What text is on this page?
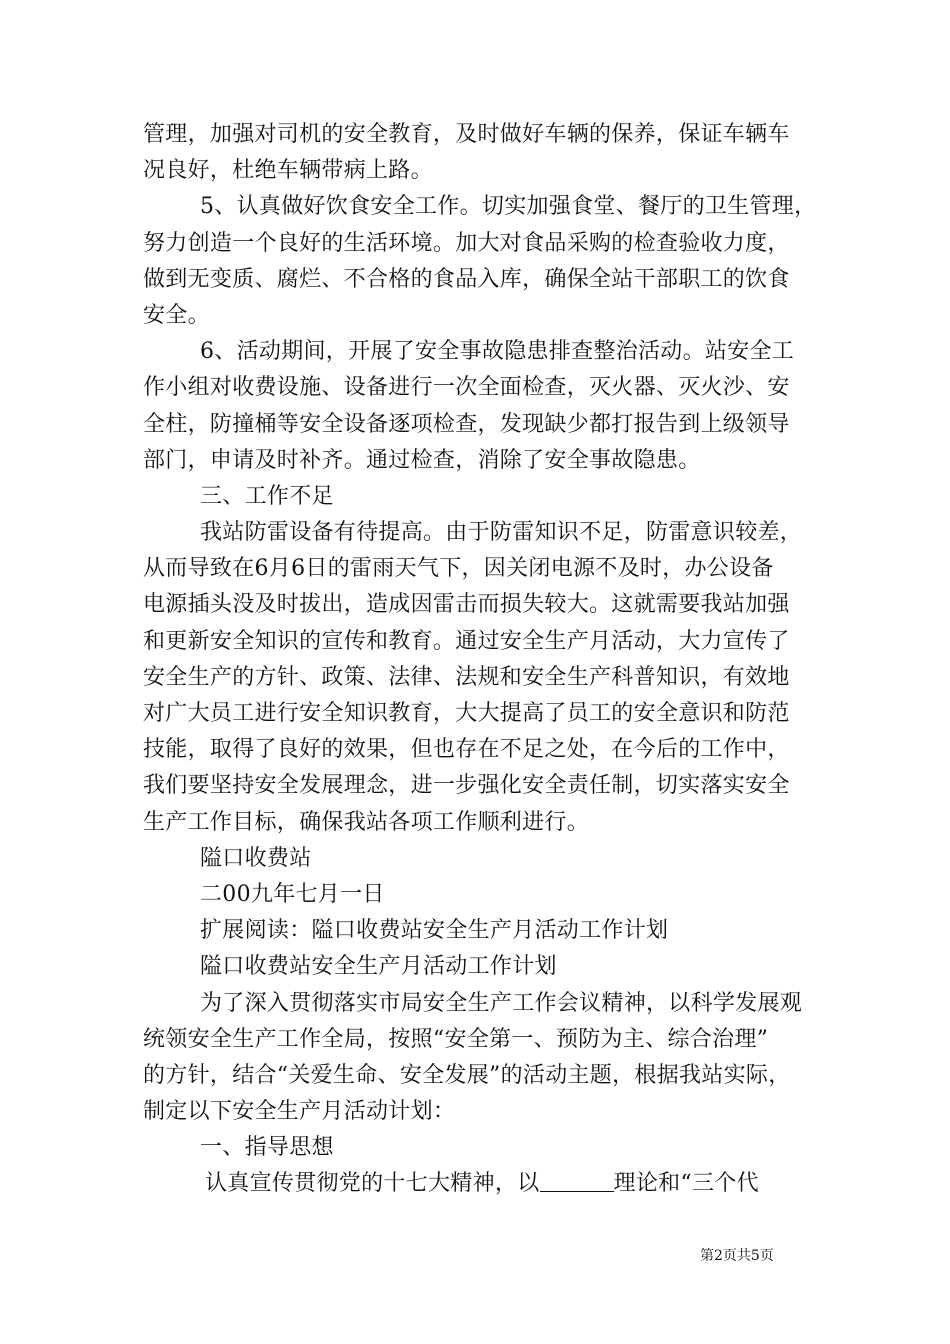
管理，加强对司机的安全教育，及时做好车辆的保养，保证车辆车
况良好，杜绝车辆带病上路。
5、认真做好饮食安全工作。切实加强食堂、餐厅的卫生管理，
努力创造一个良好的生活环境。加大对食品采购的检查验收力度，
做到无变质、腐烂、不合格的食品入库，确保全站干部职工的饮食
安全。
6、活动期间，开展了安全事故隐患排查整治活动。站安全工
作小组对收费设施、设备进行一次全面检查，灭火器、灭火沙、安
全柱，防撞桶等安全设备逐项检查，发现缺少都打报告到上级领导
部门，申请及时补齐。通过检查，消除了安全事故隐患。
三、工作不足
我站防雷设备有待提高。由于防雷知识不足，防雷意识较差，
从而导致在6月6日的雷雨天气下，因关闭电源不及时，办公设备
电源插头没及时拔出，造成因雷击而损失较大。这就需要我站加强
和更新安全知识的宣传和教育。通过安全生产月活动，大力宣传了
安全生产的方针、政策、法律、法规和安全生产科普知识，有效地
对广大员工进行安全知识教育，大大提高了员工的安全意识和防范
技能，取得了良好的效果，但也存在不足之处，在今后的工作中，
我们要坚持安全发展理念，进一步强化安全责任制，切实落实安全
生产工作目标，确保我站各项工作顺利进行。
隘口收费站
二00九年七月一日
扩展阅读：隘口收费站安全生产月活动工作计划
隘口收费站安全生产月活动工作计划
为了深入贯彻落实市局安全生产工作会议精神，以科学发展观
统领安全生产工作全局，按照“安全第一、预防为主、综合治理”
的方针，结合“关爱生命、安全发展”的活动主题，根据我站实际，
制定以下安全生产月活动计划：
一、指导思想
认真宣传贯彻党的十七大精神，以	理论和“三个代
第2页共5页
